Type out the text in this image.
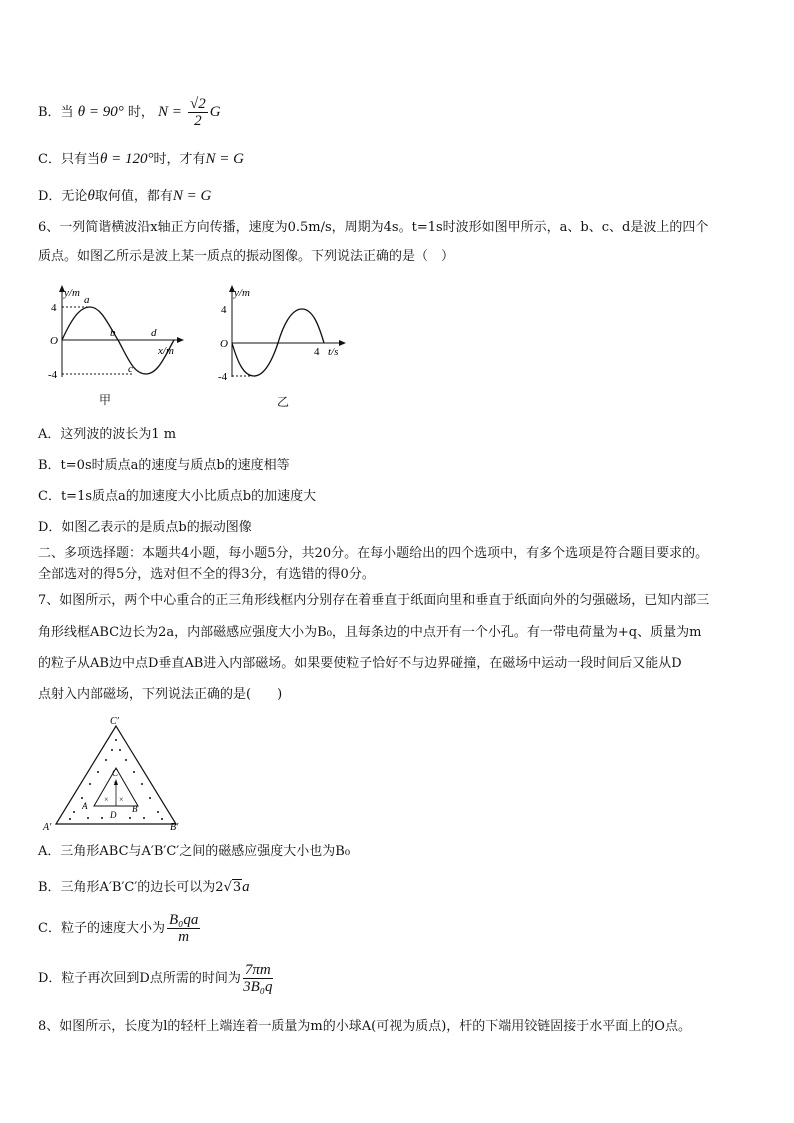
B．当 θ = 90° 时， $N = \frac{√2}{2}$ G
C．只有当θ = 120°时，才有N = G
D．无论θ取何值，都有N = G
6、一列简谐横波沿x轴正方向传播，速度为0.5m/s，周期为4s。t=1s时波形如图甲所示，a、b、c、d是波上的四个
质点。如图乙所示是波上某一质点的振动图像。下列说法正确的是（　）
y/m
4
-4
O
x/m
a
b
c
d
甲
y/m
4
-4
O
4 t/s
乙
A．这列波的波长为1 m
B．t=0s时质点a的速度与质点b的速度相等
C．t=1s质点a的加速度大小比质点b的加速度大
D．如图乙表示的是质点b的振动图像
二、多项选择题：本题共4小题，每小题5分，共20分。在每小题给出的四个选项中，有多个选项是符合题目要求的。
全部选对的得5分，选对但不全的得3分，有选错的得0分。
7、如图所示，两个中心重合的正三角形线框内分别存在着垂直于纸面向里和垂直于纸面向外的匀强磁场，已知内部三
角形线框ABC边长为2a，内部磁感应强度大小为B₀，且每条边的中点开有一个小孔。有一带电荷量为+q、质量为m
的粒子从AB边中点D垂直AB进入内部磁场。如果要使粒子恰好不与边界碰撞，在磁场中运动一段时间后又能从D
点射入内部磁场，下列说法正确的是(　　)
×
× ×
C′
A′	B′
C
A	B
D
A．三角形ABC与A′B′C′之间的磁感应强度大小也为B₀
B．三角形A′B′C′的边长可以为2√3a
C．粒子的速度大小为 $\frac{\text{B₀qa}}{m}$
D．粒子再次回到D点所需的时间为 $\frac{7\pi m}{\text{3B₀q}}$
8、如图所示，长度为l的轻杆上端连着一质量为m的小球A(可视为质点)，杆的下端用铰链固接于水平面上的O点。
